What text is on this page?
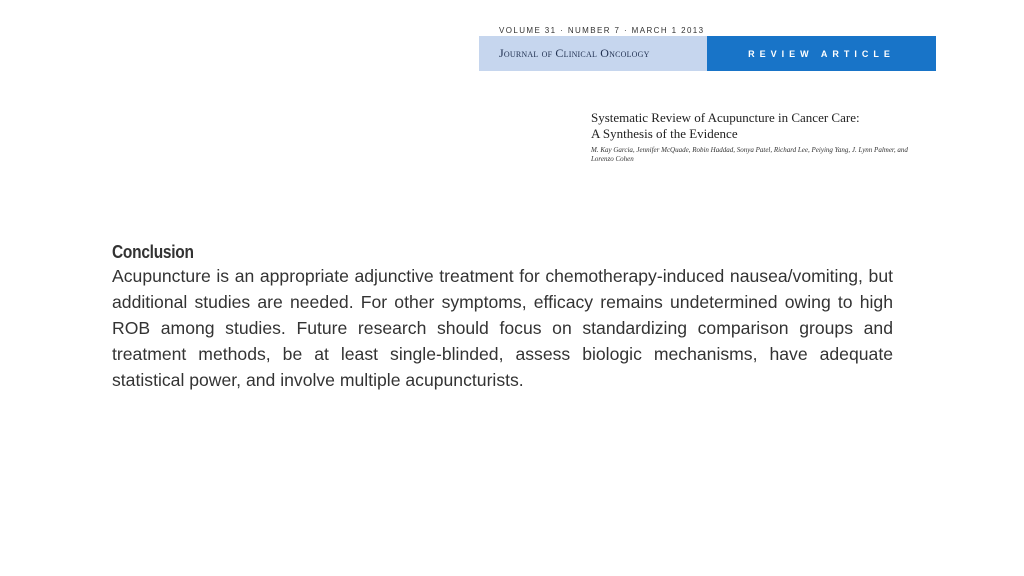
VOLUME 31 · NUMBER 7 · MARCH 1 2013
Journal of Clinical Oncology	REVIEW ARTICLE
Systematic Review of Acupuncture in Cancer Care:
A Synthesis of the Evidence

M. Kay Garcia, Jennifer McQuade, Robin Haddad, Sonya Patel, Richard Lee, Peiying Yang, J. Lynn Palmer, and Lorenzo Cohen

Conclusion

Acupuncture is an appropriate adjunctive treatment for chemotherapy-induced nausea/vomiting, but additional studies are needed. For other symptoms, efficacy remains undetermined owing to high ROB among studies. Future research should focus on standardizing comparison groups and treatment methods, be at least single-blinded, assess biologic mechanisms, have adequate statistical power, and involve multiple acupuncturists.
